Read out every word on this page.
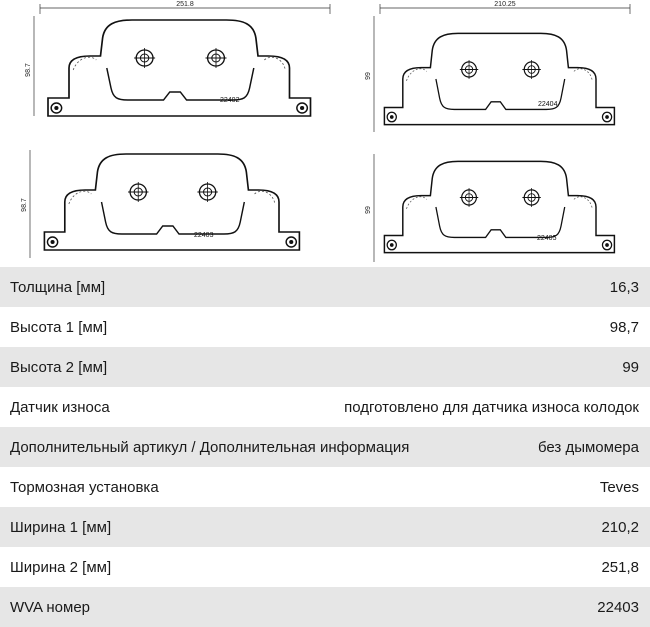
251.8
98.7
22402
210.25
99
22404
98.7
22403
99
22405
Толщина [мм]	16,3
Высота 1 [мм]	98,7
Высота 2 [мм]	99
Датчик износа	подготовлено для датчика износа колодок
Дополнительный артикул / Дополнительная информация	без дымомера
Тормозная установка	Teves
Ширина 1 [мм]	210,2
Ширина 2 [мм]	251,8
WVA номер	22403
